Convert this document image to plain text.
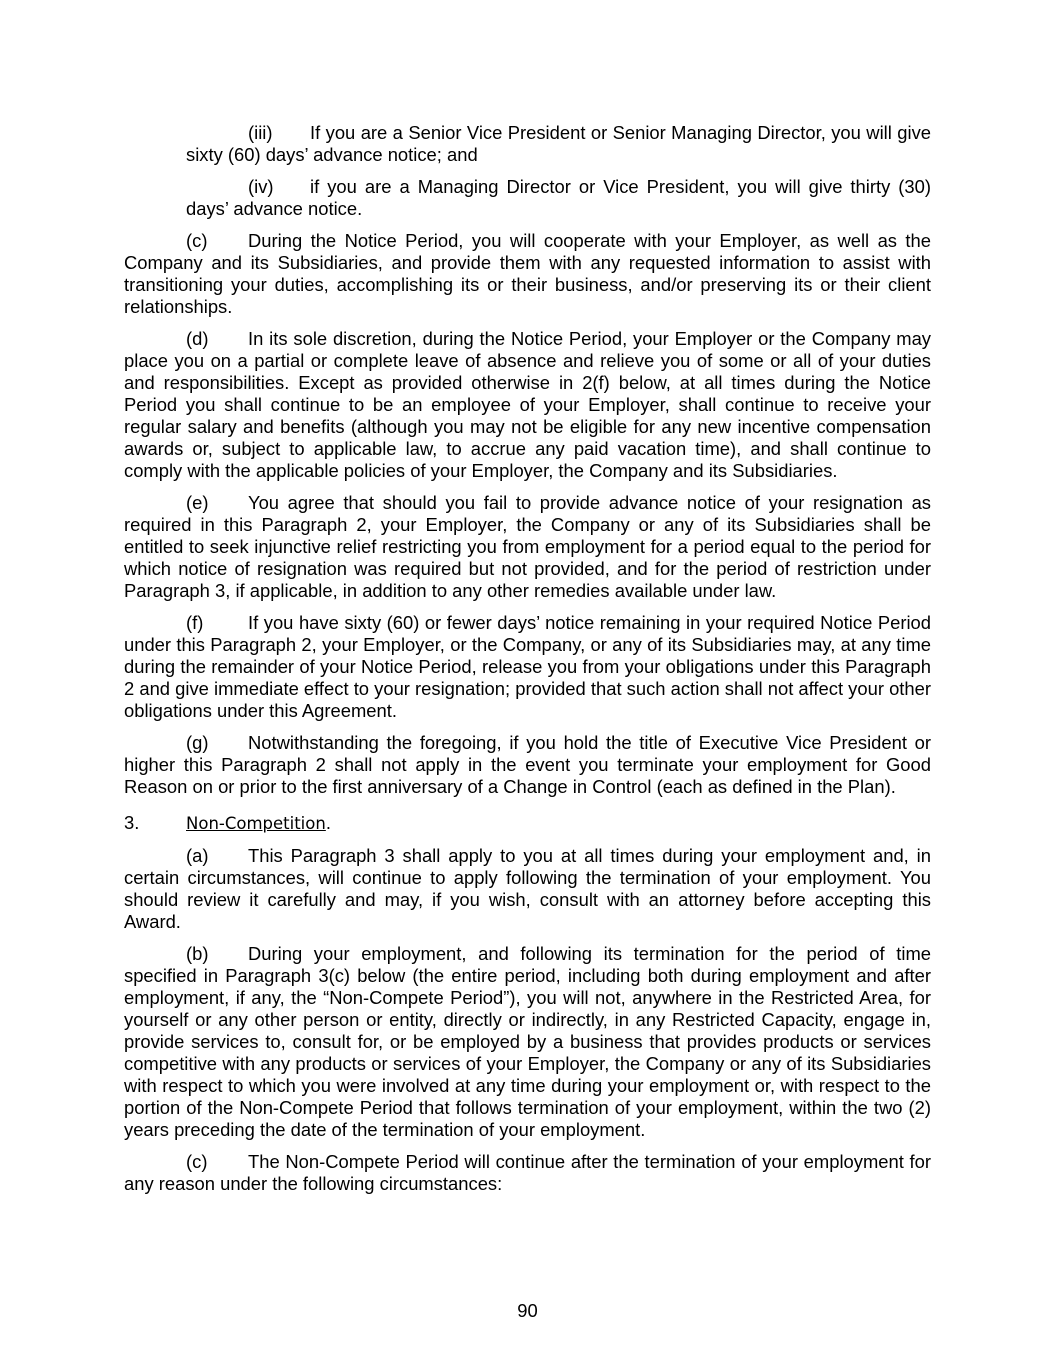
(iii) If you are a Senior Vice President or Senior Managing Director, you will give sixty (60) days’ advance notice; and

(iv) if you are a Managing Director or Vice President, you will give thirty (30) days’ advance notice.

(c) During the Notice Period, you will cooperate with your Employer, as well as the Company and its Subsidiaries, and provide them with any requested information to assist with transitioning your duties, accomplishing its or their business, and/or preserving its or their client relationships.

(d) In its sole discretion, during the Notice Period, your Employer or the Company may place you on a partial or complete leave of absence and relieve you of some or all of your duties and responsibilities. Except as provided otherwise in 2(f) below, at all times during the Notice Period you shall continue to be an employee of your Employer, shall continue to receive your regular salary and benefits (although you may not be eligible for any new incentive compensation awards or, subject to applicable law, to accrue any paid vacation time), and shall continue to comply with the applicable policies of your Employer, the Company and its Subsidiaries.

(e) You agree that should you fail to provide advance notice of your resignation as required in this Paragraph 2, your Employer, the Company or any of its Subsidiaries shall be entitled to seek injunctive relief restricting you from employment for a period equal to the period for which notice of resignation was required but not provided, and for the period of restriction under Paragraph 3, if applicable, in addition to any other remedies available under law.

(f) If you have sixty (60) or fewer days’ notice remaining in your required Notice Period under this Paragraph 2, your Employer, or the Company, or any of its Subsidiaries may, at any time during the remainder of your Notice Period, release you from your obligations under this Paragraph 2 and give immediate effect to your resignation; provided that such action shall not affect your other obligations under this Agreement.

(g) Notwithstanding the foregoing, if you hold the title of Executive Vice President or higher this Paragraph 2 shall not apply in the event you terminate your employment for Good Reason on or prior to the first anniversary of a Change in Control (each as defined in the Plan).

3.	Non-Competition.

(a) This Paragraph 3 shall apply to you at all times during your employment and, in certain circumstances, will continue to apply following the termination of your employment. You should review it carefully and may, if you wish, consult with an attorney before accepting this Award.

(b) During your employment, and following its termination for the period of time specified in Paragraph 3(c) below (the entire period, including both during employment and after employment, if any, the “Non-Compete Period”), you will not, anywhere in the Restricted Area, for yourself or any other person or entity, directly or indirectly, in any Restricted Capacity, engage in, provide services to, consult for, or be employed by a business that provides products or services competitive with any products or services of your Employer, the Company or any of its Subsidiaries with respect to which you were involved at any time during your employment or, with respect to the portion of the Non-Compete Period that follows termination of your employment, within the two (2) years preceding the date of the termination of your employment.

(c) The Non-Compete Period will continue after the termination of your employment for any reason under the following circumstances:

90
